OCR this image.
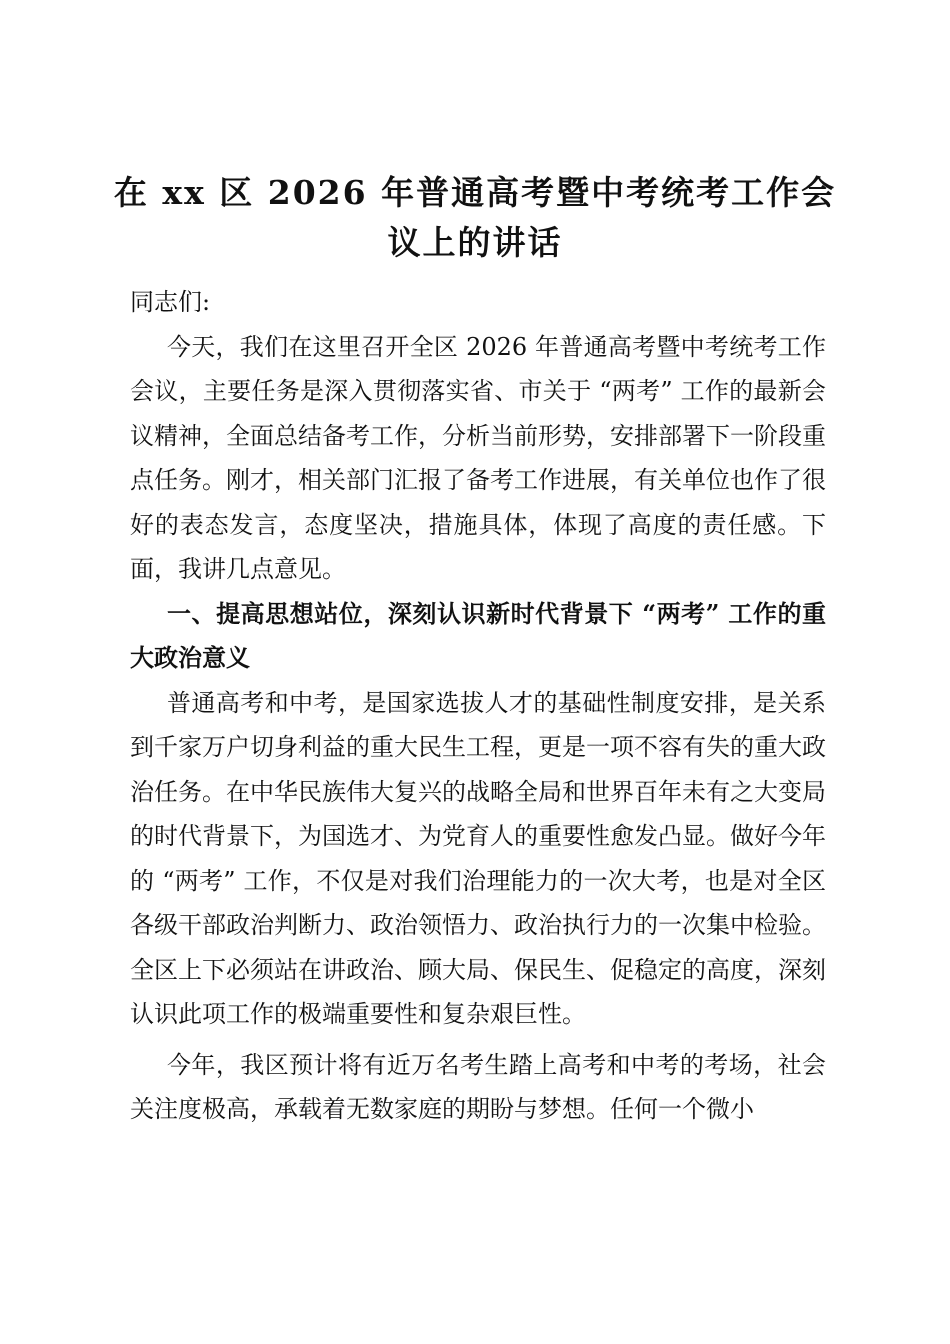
在 xx 区 2026 年普通高考暨中考统考工作会议上的讲话

同志们:

今天，我们在这里召开全区 2026 年普通高考暨中考统考工作会议，主要任务是深入贯彻落实省、市关于 “两考” 工作的最新会议精神，全面总结备考工作，分析当前形势，安排部署下一阶段重点任务。刚才，相关部门汇报了备考工作进展，有关单位也作了很好的表态发言，态度坚决，措施具体，体现了高度的责任感。下面，我讲几点意见。

一、提高思想站位，深刻认识新时代背景下 “两考” 工作的重大政治意义

普通高考和中考，是国家选拔人才的基础性制度安排，是关系到千家万户切身利益的重大民生工程，更是一项不容有失的重大政治任务。在中华民族伟大复兴的战略全局和世界百年未有之大变局的时代背景下，为国选才、为党育人的重要性愈发凸显。做好今年的 “两考” 工作，不仅是对我们治理能力的一次大考，也是对全区各级干部政治判断力、政治领悟力、政治执行力的一次集中检验。全区上下必须站在讲政治、顾大局、保民生、促稳定的高度，深刻认识此项工作的极端重要性和复杂艰巨性。

今年，我区预计将有近万名考生踏上高考和中考的考场，社会关注度极高，承载着无数家庭的期盼与梦想。任何一个微小
